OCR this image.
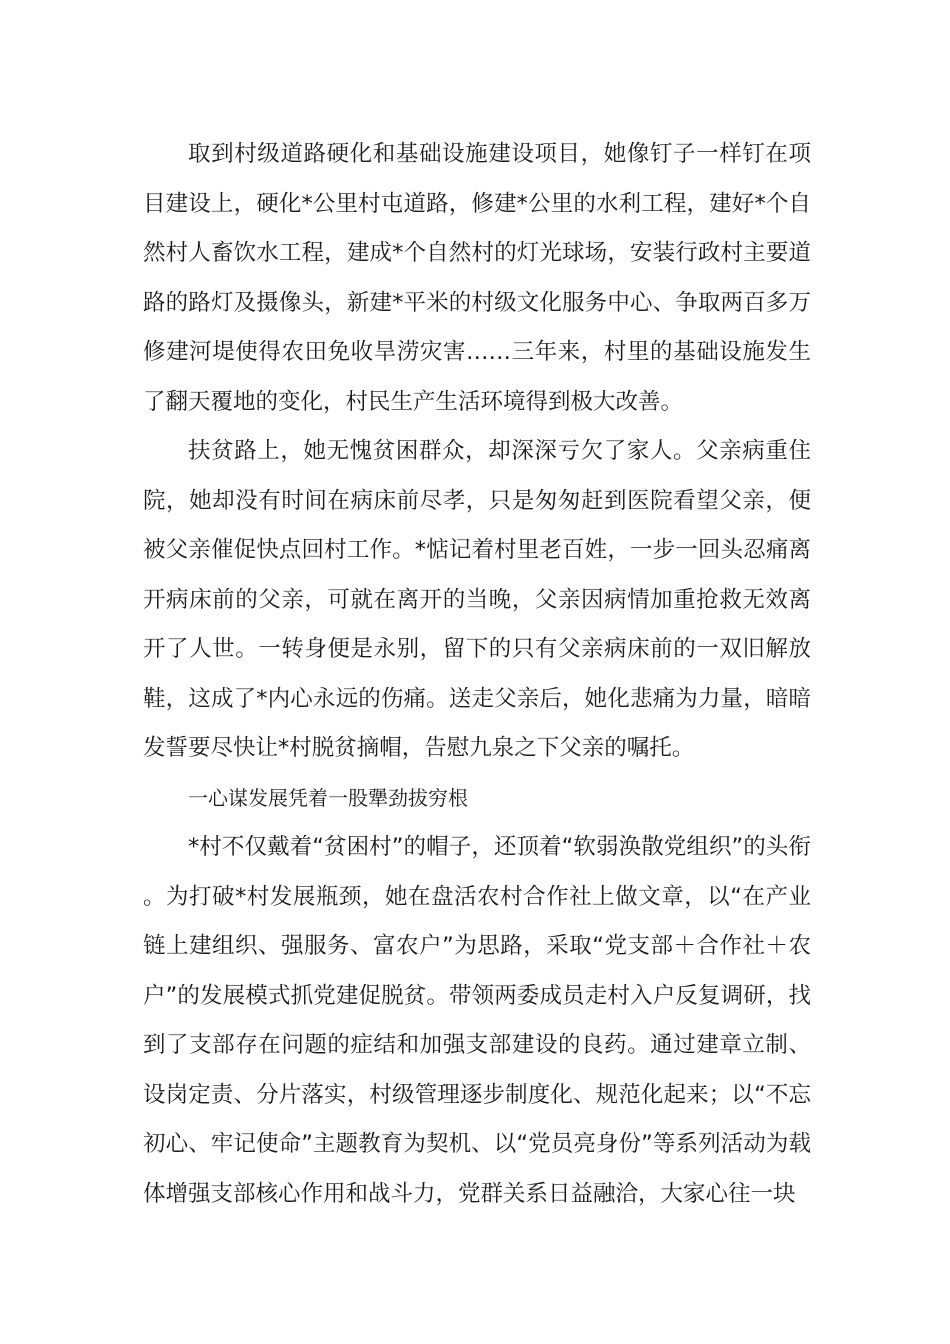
取到村级道路硬化和基础设施建设项目，她像钉子一样钉在项目建设上，硬化*公里村屯道路，修建*公里的水利工程，建好*个自然村人畜饮水工程，建成*个自然村的灯光球场，安装行政村主要道路的路灯及摄像头，新建*平米的村级文化服务中心、争取两百多万修建河堤使得农田免收旱涝灾害……三年来，村里的基础设施发生了翻天覆地的变化，村民生产生活环境得到极大改善。

扶贫路上，她无愧贫困群众，却深深亏欠了家人。父亲病重住院，她却没有时间在病床前尽孝，只是匆匆赶到医院看望父亲，便被父亲催促快点回村工作。*惦记着村里老百姓，一步一回头忍痛离开病床前的父亲，可就在离开的当晚，父亲因病情加重抢救无效离开了人世。一转身便是永别，留下的只有父亲病床前的一双旧解放鞋，这成了*内心永远的伤痛。送走父亲后，她化悲痛为力量，暗暗发誓要尽快让*村脱贫摘帽，告慰九泉之下父亲的嘱托。

一心谋发展凭着一股犟劲拔穷根

*村不仅戴着“贫困村”的帽子，还顶着“软弱涣散党组织”的头衔。为打破*村发展瓶颈，她在盘活农村合作社上做文章，以“在产业链上建组织、强服务、富农户”为思路，采取“党支部＋合作社＋农户”的发展模式抓党建促脱贫。带领两委成员走村入户反复调研，找到了支部存在问题的症结和加强支部建设的良药。通过建章立制、设岗定责、分片落实，村级管理逐步制度化、规范化起来；以“不忘初心、牢记使命”主题教育为契机、以“党员亮身份”等系列活动为载体增强支部核心作用和战斗力，党群关系日益融洽，大家心往一块
